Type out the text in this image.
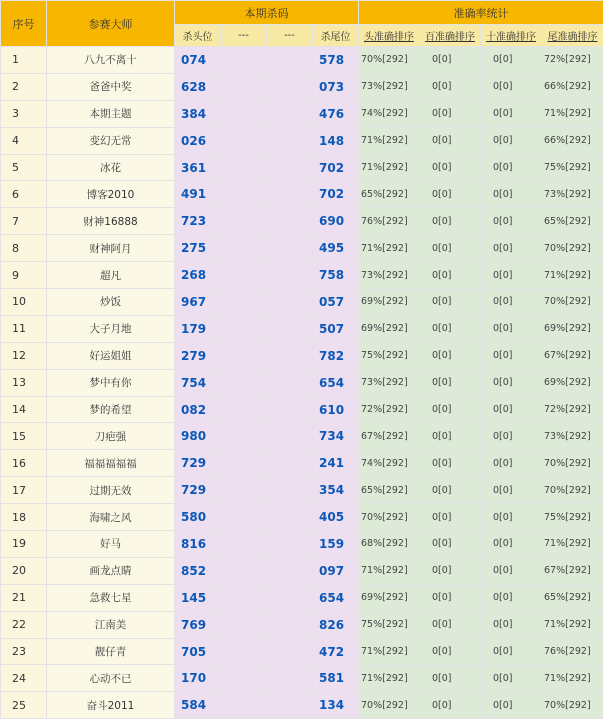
序号	参赛大师	本期杀码				准确率统计			
		杀头位	---	---	杀尾位	头准确排序	百准确排序	十准确排序	尾准确排序
1	八九不离十	074			578	70%[292]	0[0]	0[0]	72%[292]
2	爸爸中奖	628			073	73%[292]	0[0]	0[0]	66%[292]
3	本期主题	384			476	74%[292]	0[0]	0[0]	71%[292]
4	变幻无常	026			148	71%[292]	0[0]	0[0]	66%[292]
5	冰花	361			702	71%[292]	0[0]	0[0]	75%[292]
6	博客2010	491			702	65%[292]	0[0]	0[0]	73%[292]
7	财神16888	723			690	76%[292]	0[0]	0[0]	65%[292]
8	财神阿月	275			495	71%[292]	0[0]	0[0]	70%[292]
9	超凡	268			758	73%[292]	0[0]	0[0]	71%[292]
10	炒饭	967			057	69%[292]	0[0]	0[0]	70%[292]
11	大子月地	179			507	69%[292]	0[0]	0[0]	69%[292]
12	好运姐姐	279			782	75%[292]	0[0]	0[0]	67%[292]
13	梦中有你	754			654	73%[292]	0[0]	0[0]	69%[292]
14	梦的希望	082			610	72%[292]	0[0]	0[0]	72%[292]
15	刀疤强	980			734	67%[292]	0[0]	0[0]	73%[292]
16	福福福福福	729			241	74%[292]	0[0]	0[0]	70%[292]
17	过期无效	729			354	65%[292]	0[0]	0[0]	70%[292]
18	海啸之风	580			405	70%[292]	0[0]	0[0]	75%[292]
19	好马	816			159	68%[292]	0[0]	0[0]	71%[292]
20	画龙点睛	852			097	71%[292]	0[0]	0[0]	67%[292]
21	急救七星	145			654	69%[292]	0[0]	0[0]	65%[292]
22	江南美	769			826	75%[292]	0[0]	0[0]	71%[292]
23	靓仔青	705			472	71%[292]	0[0]	0[0]	76%[292]
24	心动不已	170			581	71%[292]	0[0]	0[0]	71%[292]
25	奋斗2011	584			134	70%[292]	0[0]	0[0]	70%[292]
